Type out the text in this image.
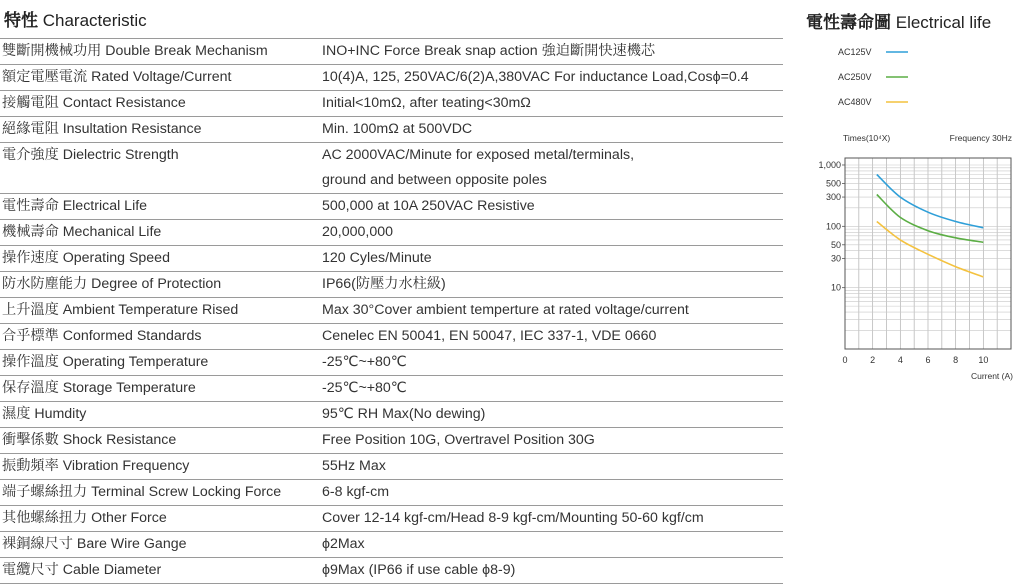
特性 Characteristic
雙斷開機械功用 Double Break Mechanism	INO+INC Force Break snap action 強迫斷開快速機芯

額定電壓電流 Rated Voltage/Current	10(4)A, 125, 250VAC/6(2)A,380VAC For inductance Load,Cosϕ=0.4

接觸電阻 Contact Resistance	Initial<10mΩ, after teating<30mΩ

絕緣電阻 Insultation Resistance	Min. 100mΩ at 500VDC

電介強度 Dielectric Strength	AC 2000VAC/Minute for exposed metal/terminals,
ground and between opposite poles

電性壽命 Electrical Life	500,000 at 10A 250VAC Resistive

機械壽命 Mechanical Life	20,000,000

操作速度 Operating Speed	120 Cyles/Minute

防水防塵能力 Degree of Protection	IP66(防壓力水柱級)

上升溫度 Ambient Temperature Rised	Max 30°Cover ambient temperture at rated voltage/current

合乎標準 Conformed Standards	Cenelec EN 50041, EN 50047, IEC 337-1, VDE 0660

操作溫度 Operating Temperature	-25℃~+80℃

保存溫度 Storage Temperature	-25℃~+80℃

濕度 Humdity	95℃ RH Max(No dewing)

衝擊係數 Shock Resistance	Free Position 10G, Overtravel Position 30G

振動頻率 Vibration Frequency	55Hz Max

端子螺絲扭力 Terminal Screw Locking Force	6-8 kgf-cm

其他螺絲扭力 Other Force	Cover 12-14 kgf-cm/Head 8-9 kgf-cm/Mounting 50-60 kgf/cm

裸銅線尺寸 Bare Wire Gange	ϕ2Max

電纜尺寸 Cable Diameter	ϕ9Max (IP66 if use cable ϕ8-9)
電性壽命圖 Electrical life
AC125V
AC250V
AC480V
Times(10⁴X)	Frequency 30Hz
10
30
50
100
300
500
1,000
0	2	4	6	8 10
Current (A)
